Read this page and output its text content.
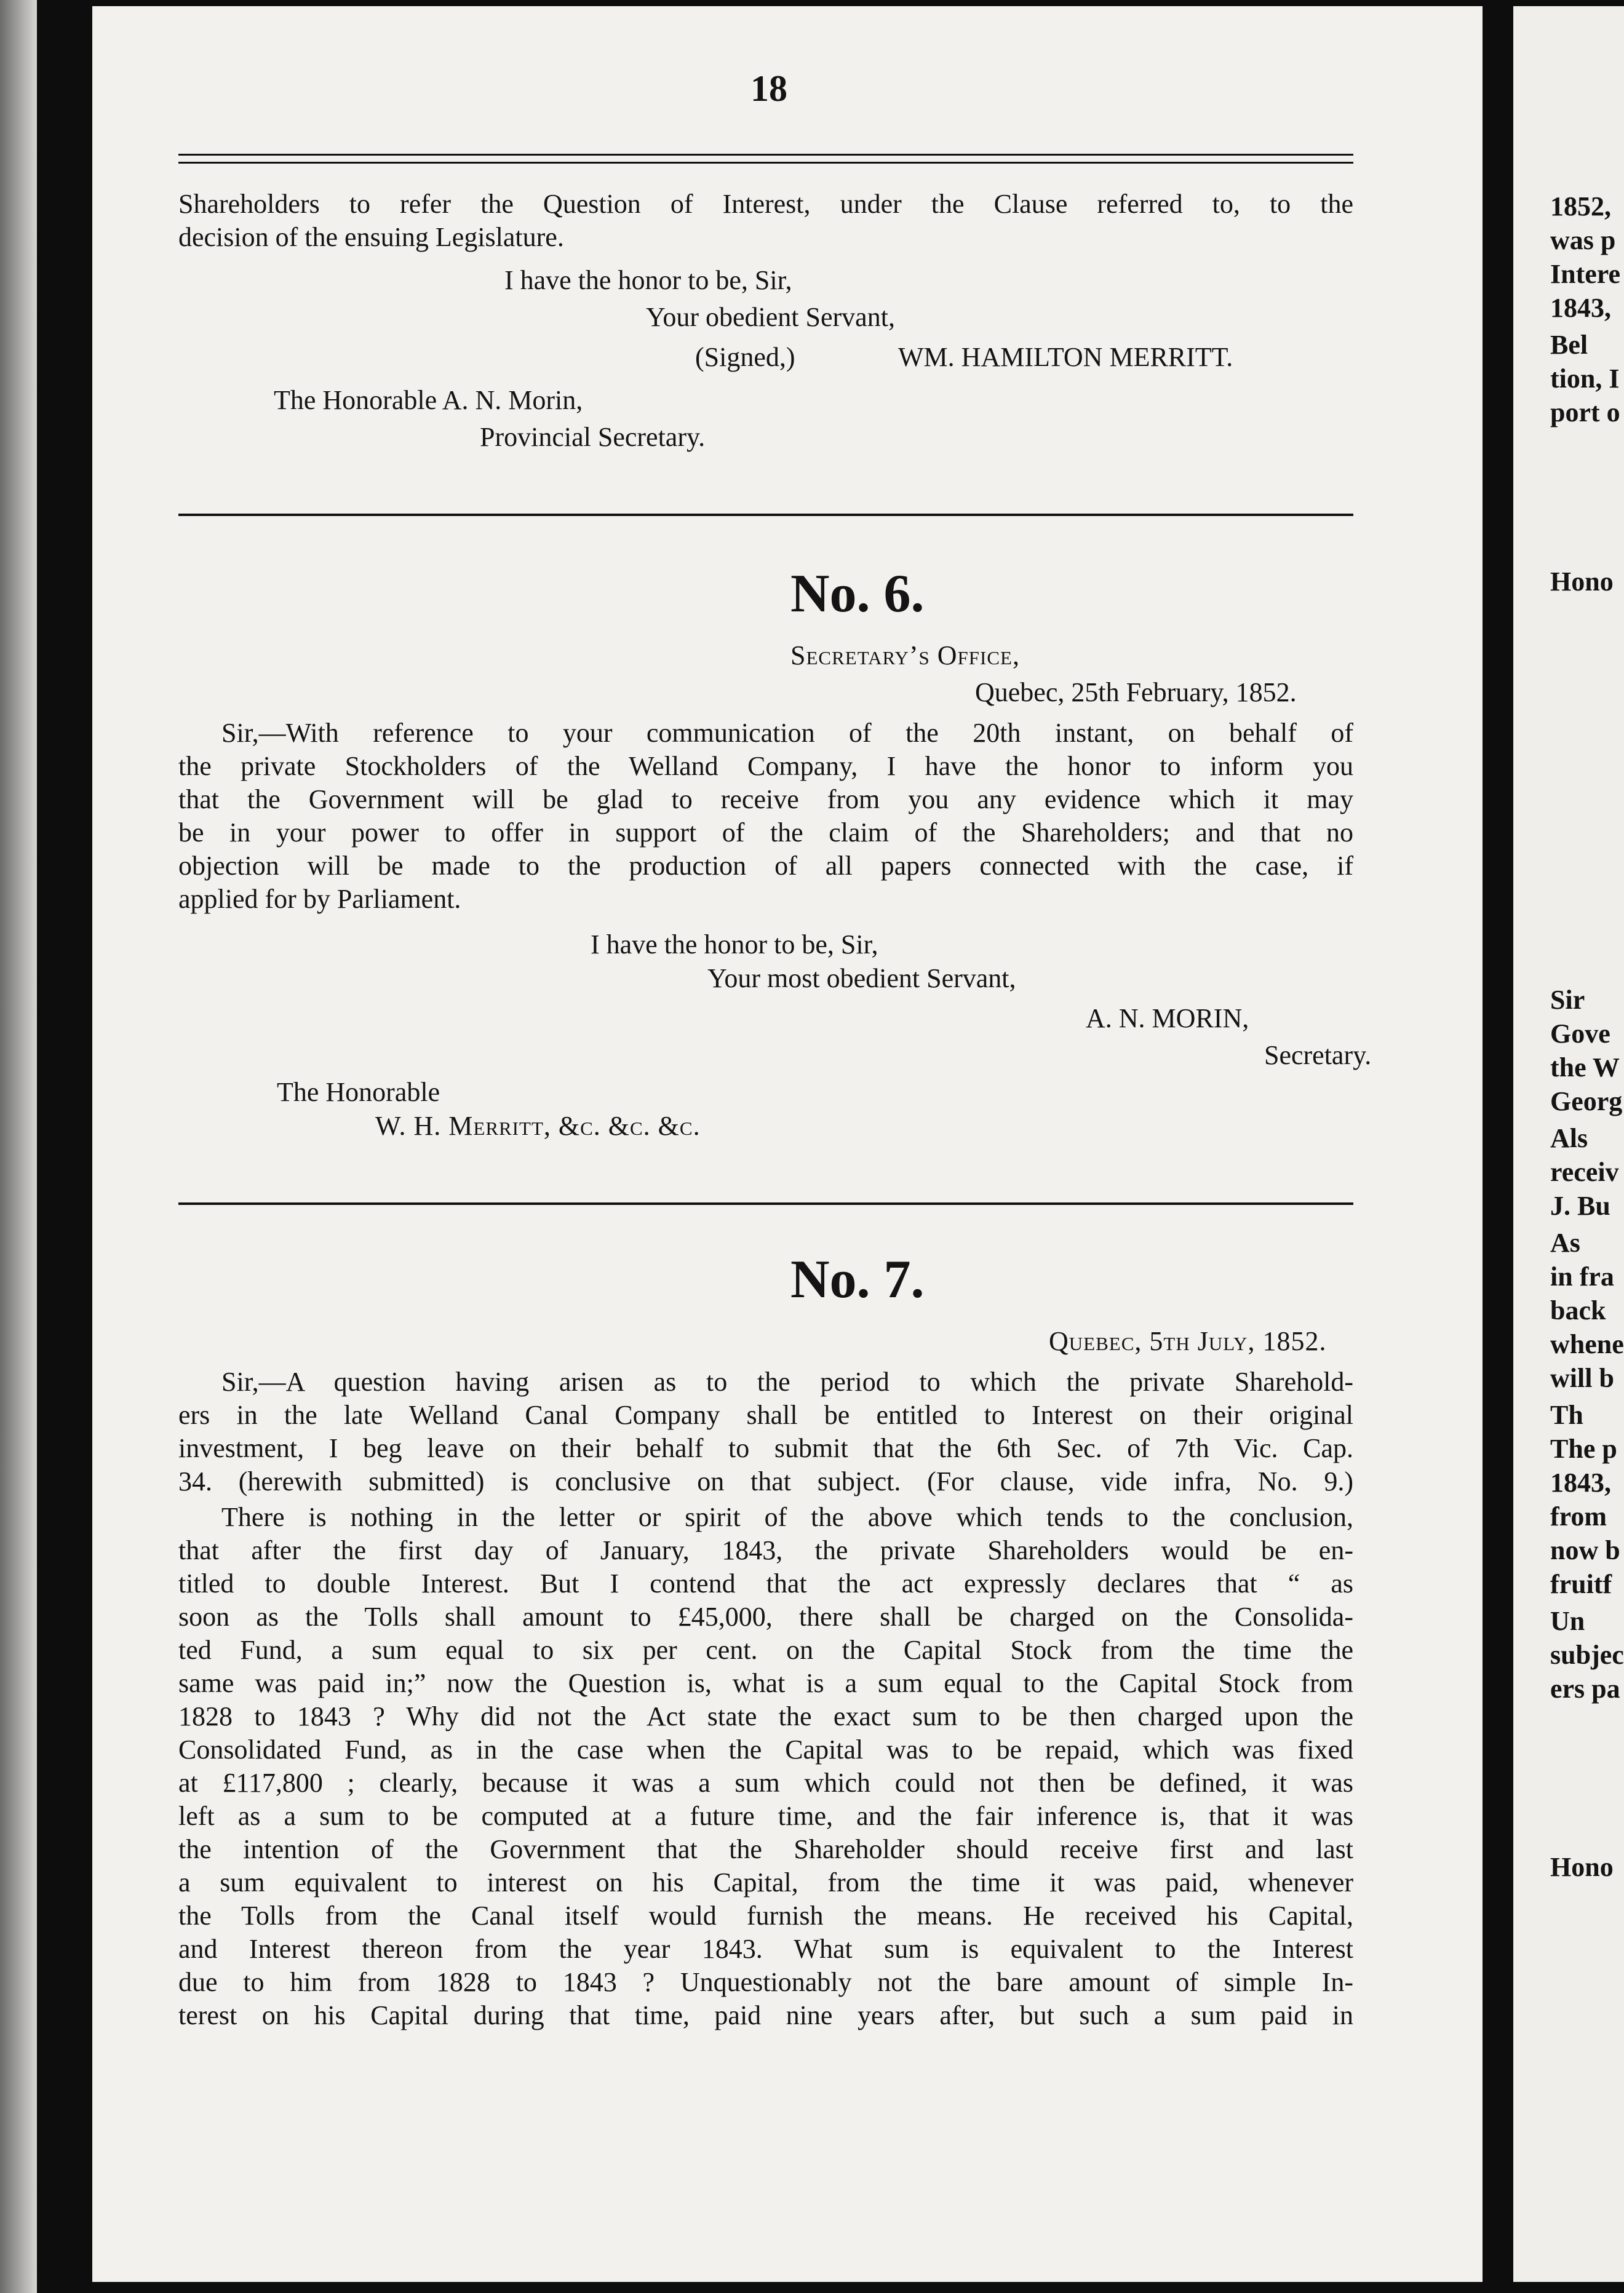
18
Shareholders to refer the Question of Interest, under the Clause referred to, to the
decision of the ensuing Legislature.
I have the honor to be, Sir,
Your obedient Servant,
(Signed,)	WM. HAMILTON MERRITT.
The Honorable A. N. Morin,
Provincial Secretary.
No. 6.
Secretary’s Office,
Quebec, 25th February, 1852.
Sir,—With reference to your communication of the 20th instant, on behalf of
the private Stockholders of the Welland Company, I have the honor to inform you
that the Government will be glad to receive from you any evidence which it may
be in your power to offer in support of the claim of the Shareholders; and that no
objection will be made to the production of all papers connected with the case, if
applied for by Parliament.
I have the honor to be, Sir,
Your most obedient Servant,
A. N. MORIN,
Secretary.
The Honorable
W. H. Merritt, &c. &c. &c.
No. 7.
Quebec, 5th July, 1852.
Sir,—A question having arisen as to the period to which the private Sharehold-
ers in the late Welland Canal Company shall be entitled to Interest on their original
investment, I beg leave on their behalf to submit that the 6th Sec. of 7th Vic. Cap.
34. (herewith submitted) is conclusive on that subject. (For clause, vide infra, No. 9.)
There is nothing in the letter or spirit of the above which tends to the conclusion,
that after the first day of January, 1843, the private Shareholders would be en-
titled to double Interest. But I contend that the act expressly declares that “ as
soon as the Tolls shall amount to £45,000, there shall be charged on the Consolida-
ted Fund, a sum equal to six per cent. on the Capital Stock from the time the
same was paid in;” now the Question is, what is a sum equal to the Capital Stock from
1828 to 1843 ? Why did not the Act state the exact sum to be then charged upon the
Consolidated Fund, as in the case when the Capital was to be repaid, which was fixed
at £117,800 ; clearly, because it was a sum which could not then be defined, it was
left as a sum to be computed at a future time, and the fair inference is, that it was
the intention of the Government that the Shareholder should receive first and last
a sum equivalent to interest on his Capital, from the time it was paid, whenever
the Tolls from the Canal itself would furnish the means. He received his Capital,
and Interest thereon from the year 1843. What sum is equivalent to the Interest
due to him from 1828 to 1843 ? Unquestionably not the bare amount of simple In-
terest on his Capital during that time, paid nine years after, but such a sum paid in
1852,
was p
Intere
1843,
Bel
tion, I
port o
Hono
Sir
Gove
the W
Georg
Als
receiv
J. Bu
As
in fra
back
whene
will b
Th
The p
1843,
from
now b
fruitf
Un
subjec
ers pa
Hono
